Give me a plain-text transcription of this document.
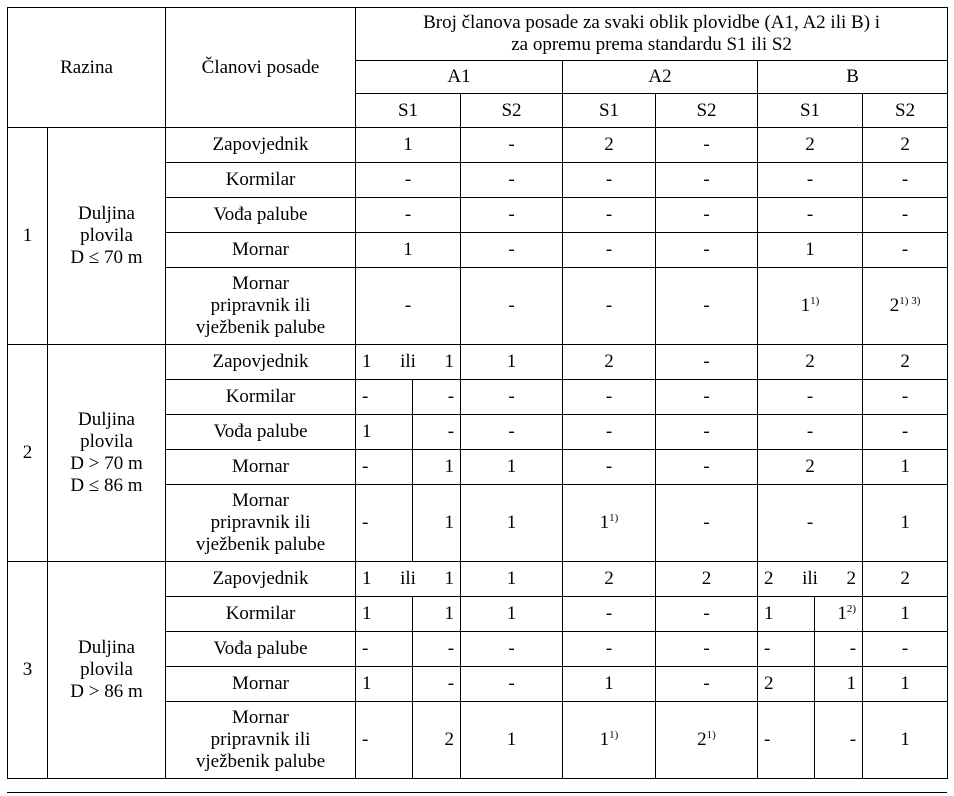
Razina		Članovi posade	Broj članova posade za svaki oblik plovidbe (A1, A2 ili B) i
za opremu prema standardu S1 ili S2							
			A1			A2		B		
			S1		S2	S1	S2	S1		S2
1	Duljina
plovila
D ≤ 70 m	Zapovjednik	1		-	2	-	2		2
		Kormilar	-		-	-	-	-		-
		Vođa palube	-		-	-	-	-		-
		Mornar	1		-	-	-	1		-
		Mornar
pripravnik ili
vježbenik palube	-		-	-	-	1$^{1)}$		$2^{1) 3)}$
2	Duljina
plovila
D > 70 m
D ≤ 86 m	Zapovjednik	1 ili 1		1	2	-	2		2
		Kormilar	-	-	-	-	-	-		-
		Vođa palube	1	-	-	-	-	-		-
		Mornar	-	1	1	-	-	2		1
		Mornar
pripravnik ili
vježbenik palube	-	1	1	1$^{1)}$	-	-		1
3	Duljina
plovila
D > 86 m	Zapovjednik	1 ili 1		1	2	2	2 ili 2		2
		Kormilar	1	1	1	-	-	1	1$^{2)}$	1
		Vođa palube	-	-	-	-	-	-	-	-
		Mornar	1	-	-	1	-	2	1	1
		Mornar
pripravnik ili
vježbenik palube	-	2	1	1$^{1)}$	2$^{1)}$	-	-	1
